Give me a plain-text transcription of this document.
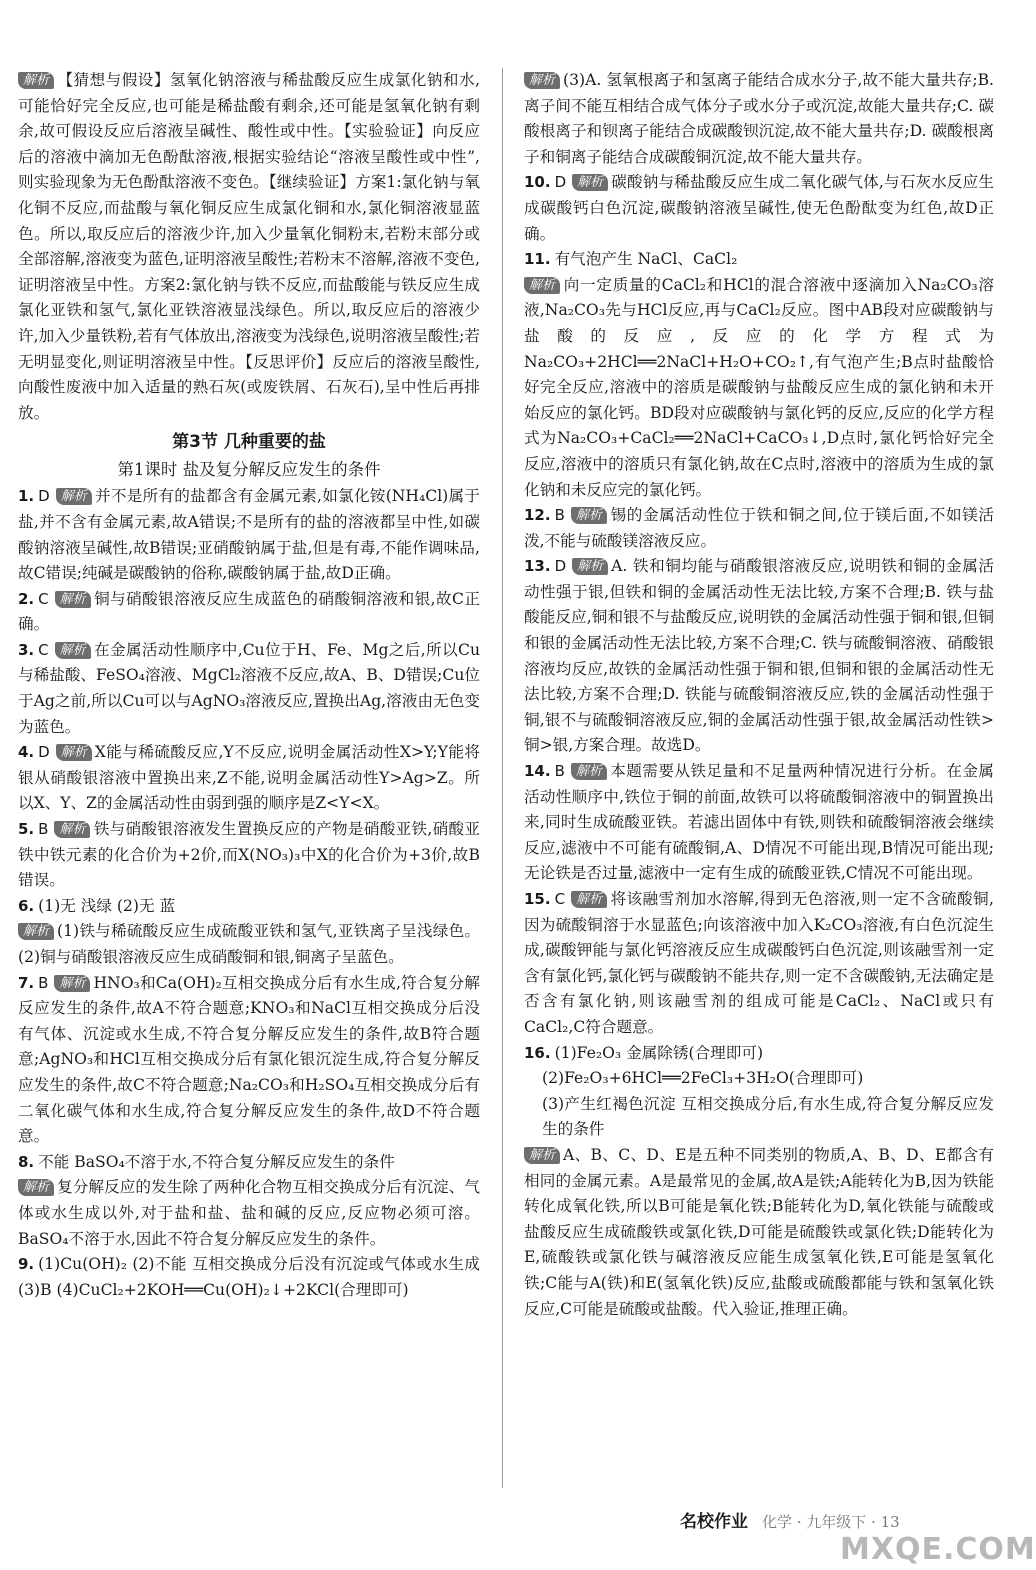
解析 【猜想与假设】氢氧化钠溶液与稀盐酸反应生成氯化钠和水,可能恰好完全反应,也可能是稀盐酸有剩余,还可能是氢氧化钠有剩余,故可假设反应后溶液呈碱性、酸性或中性。【实验验证】向反应后的溶液中滴加无色酚酞溶液,根据实验结论“溶液呈酸性或中性”,则实验现象为无色酚酞溶液不变色。【继续验证】方案1:氯化钠与氧化铜不反应,而盐酸与氧化铜反应生成氯化铜和水,氯化铜溶液显蓝色。所以,取反应后的溶液少许,加入少量氧化铜粉末,若粉末部分或全部溶解,溶液变为蓝色,证明溶液呈酸性;若粉末不溶解,溶液不变色,证明溶液呈中性。方案2:氯化钠与铁不反应,而盐酸能与铁反应生成氯化亚铁和氢气,氯化亚铁溶液显浅绿色。所以,取反应后的溶液少许,加入少量铁粉,若有气体放出,溶液变为浅绿色,说明溶液呈酸性;若无明显变化,则证明溶液呈中性。【反思评价】反应后的溶液呈酸性,向酸性废液中加入适量的熟石灰(或废铁屑、石灰石),呈中性后再排放。

第3节 几种重要的盐

第1课时 盐及复分解反应发生的条件

1. D 解析 并不是所有的盐都含有金属元素,如氯化铵(NH₄Cl)属于盐,并不含有金属元素,故A错误;不是所有的盐的溶液都呈中性,如碳酸钠溶液呈碱性,故B错误;亚硝酸钠属于盐,但是有毒,不能作调味品,故C错误;纯碱是碳酸钠的俗称,碳酸钠属于盐,故D正确。

2. C 解析 铜与硝酸银溶液反应生成蓝色的硝酸铜溶液和银,故C正确。

3. C 解析 在金属活动性顺序中,Cu位于H、Fe、Mg之后,所以Cu与稀盐酸、FeSO₄溶液、MgCl₂溶液不反应,故A、B、D错误;Cu位于Ag之前,所以Cu可以与AgNO₃溶液反应,置换出Ag,溶液由无色变为蓝色。

4. D 解析 X能与稀硫酸反应,Y不反应,说明金属活动性X>Y;Y能将银从硝酸银溶液中置换出来,Z不能,说明金属活动性Y>Ag>Z。所以X、Y、Z的金属活动性由弱到强的顺序是Z<Y<X。

5. B 解析 铁与硝酸银溶液发生置换反应的产物是硝酸亚铁,硝酸亚铁中铁元素的化合价为+2价,而X(NO₃)₃中X的化合价为+3价,故B错误。

6. (1)无 浅绿 (2)无 蓝

解析 (1)铁与稀硫酸反应生成硫酸亚铁和氢气,亚铁离子呈浅绿色。(2)铜与硝酸银溶液反应生成硝酸铜和银,铜离子呈蓝色。

7. B 解析 HNO₃和Ca(OH)₂互相交换成分后有水生成,符合复分解反应发生的条件,故A不符合题意;KNO₃和NaCl互相交换成分后没有气体、沉淀或水生成,不符合复分解反应发生的条件,故B符合题意;AgNO₃和HCl互相交换成分后有氯化银沉淀生成,符合复分解反应发生的条件,故C不符合题意;Na₂CO₃和H₂SO₄互相交换成分后有二氧化碳气体和水生成,符合复分解反应发生的条件,故D不符合题意。

8. 不能 BaSO₄不溶于水,不符合复分解反应发生的条件

解析 复分解反应的发生除了两种化合物互相交换成分后有沉淀、气体或水生成以外,对于盐和盐、盐和碱的反应,反应物必须可溶。BaSO₄不溶于水,因此不符合复分解反应发生的条件。

9. (1)Cu(OH)₂ (2)不能 互相交换成分后没有沉淀或气体或水生成 (3)B (4)CuCl₂+2KOH══Cu(OH)₂↓+2KCl(合理即可)

解析 (3)A. 氢氧根离子和氢离子能结合成水分子,故不能大量共存;B. 离子间不能互相结合成气体分子或水分子或沉淀,故能大量共存;C. 碳酸根离子和钡离子能结合成碳酸钡沉淀,故不能大量共存;D. 碳酸根离子和铜离子能结合成碳酸铜沉淀,故不能大量共存。

10. D 解析 碳酸钠与稀盐酸反应生成二氧化碳气体,与石灰水反应生成碳酸钙白色沉淀,碳酸钠溶液呈碱性,使无色酚酞变为红色,故D正确。

11. 有气泡产生 NaCl、CaCl₂

解析 向一定质量的CaCl₂和HCl的混合溶液中逐滴加入Na₂CO₃溶液,Na₂CO₃先与HCl反应,再与CaCl₂反应。图中AB段对应碳酸钠与盐酸的反应,反应的化学方程式为Na₂CO₃+2HCl══2NaCl+H₂O+CO₂↑,有气泡产生;B点时盐酸恰好完全反应,溶液中的溶质是碳酸钠与盐酸反应生成的氯化钠和未开始反应的氯化钙。BD段对应碳酸钠与氯化钙的反应,反应的化学方程式为Na₂CO₃+CaCl₂══2NaCl+CaCO₃↓,D点时,氯化钙恰好完全反应,溶液中的溶质只有氯化钠,故在C点时,溶液中的溶质为生成的氯化钠和未反应完的氯化钙。

12. B 解析 锡的金属活动性位于铁和铜之间,位于镁后面,不如镁活泼,不能与硫酸镁溶液反应。

13. D 解析 A. 铁和铜均能与硝酸银溶液反应,说明铁和铜的金属活动性强于银,但铁和铜的金属活动性无法比较,方案不合理;B. 铁与盐酸能反应,铜和银不与盐酸反应,说明铁的金属活动性强于铜和银,但铜和银的金属活动性无法比较,方案不合理;C. 铁与硫酸铜溶液、硝酸银溶液均反应,故铁的金属活动性强于铜和银,但铜和银的金属活动性无法比较,方案不合理;D. 铁能与硫酸铜溶液反应,铁的金属活动性强于铜,银不与硫酸铜溶液反应,铜的金属活动性强于银,故金属活动性铁>铜>银,方案合理。故选D。

14. B 解析 本题需要从铁足量和不足量两种情况进行分析。在金属活动性顺序中,铁位于铜的前面,故铁可以将硫酸铜溶液中的铜置换出来,同时生成硫酸亚铁。若滤出固体中有铁,则铁和硫酸铜溶液会继续反应,滤液中不可能有硫酸铜,A、D情况不可能出现,B情况可能出现;无论铁是否过量,滤液中一定有生成的硫酸亚铁,C情况不可能出现。

15. C 解析 将该融雪剂加水溶解,得到无色溶液,则一定不含硫酸铜,因为硫酸铜溶于水显蓝色;向该溶液中加入K₂CO₃溶液,有白色沉淀生成,碳酸钾能与氯化钙溶液反应生成碳酸钙白色沉淀,则该融雪剂一定含有氯化钙,氯化钙与碳酸钠不能共存,则一定不含碳酸钠,无法确定是否含有氯化钠,则该融雪剂的组成可能是CaCl₂、NaCl或只有CaCl₂,C符合题意。

16. (1)Fe₂O₃ 金属除锈(合理即可)

(2)Fe₂O₃+6HCl══2FeCl₃+3H₂O(合理即可)

(3)产生红褐色沉淀 互相交换成分后,有水生成,符合复分解反应发生的条件

解析 A、B、C、D、E是五种不同类别的物质,A、B、D、E都含有相同的金属元素。A是最常见的金属,故A是铁;A能转化为B,因为铁能转化成氧化铁,所以B可能是氧化铁;B能转化为D,氧化铁能与硫酸或盐酸反应生成硫酸铁或氯化铁,D可能是硫酸铁或氯化铁;D能转化为E,硫酸铁或氯化铁与碱溶液反应能生成氢氧化铁,E可能是氢氧化铁;C能与A(铁)和E(氢氧化铁)反应,盐酸或硫酸都能与铁和氢氧化铁反应,C可能是硫酸或盐酸。代入验证,推理正确。

名校作业 化学 · 九年级下 · 13
MXQE.COM
